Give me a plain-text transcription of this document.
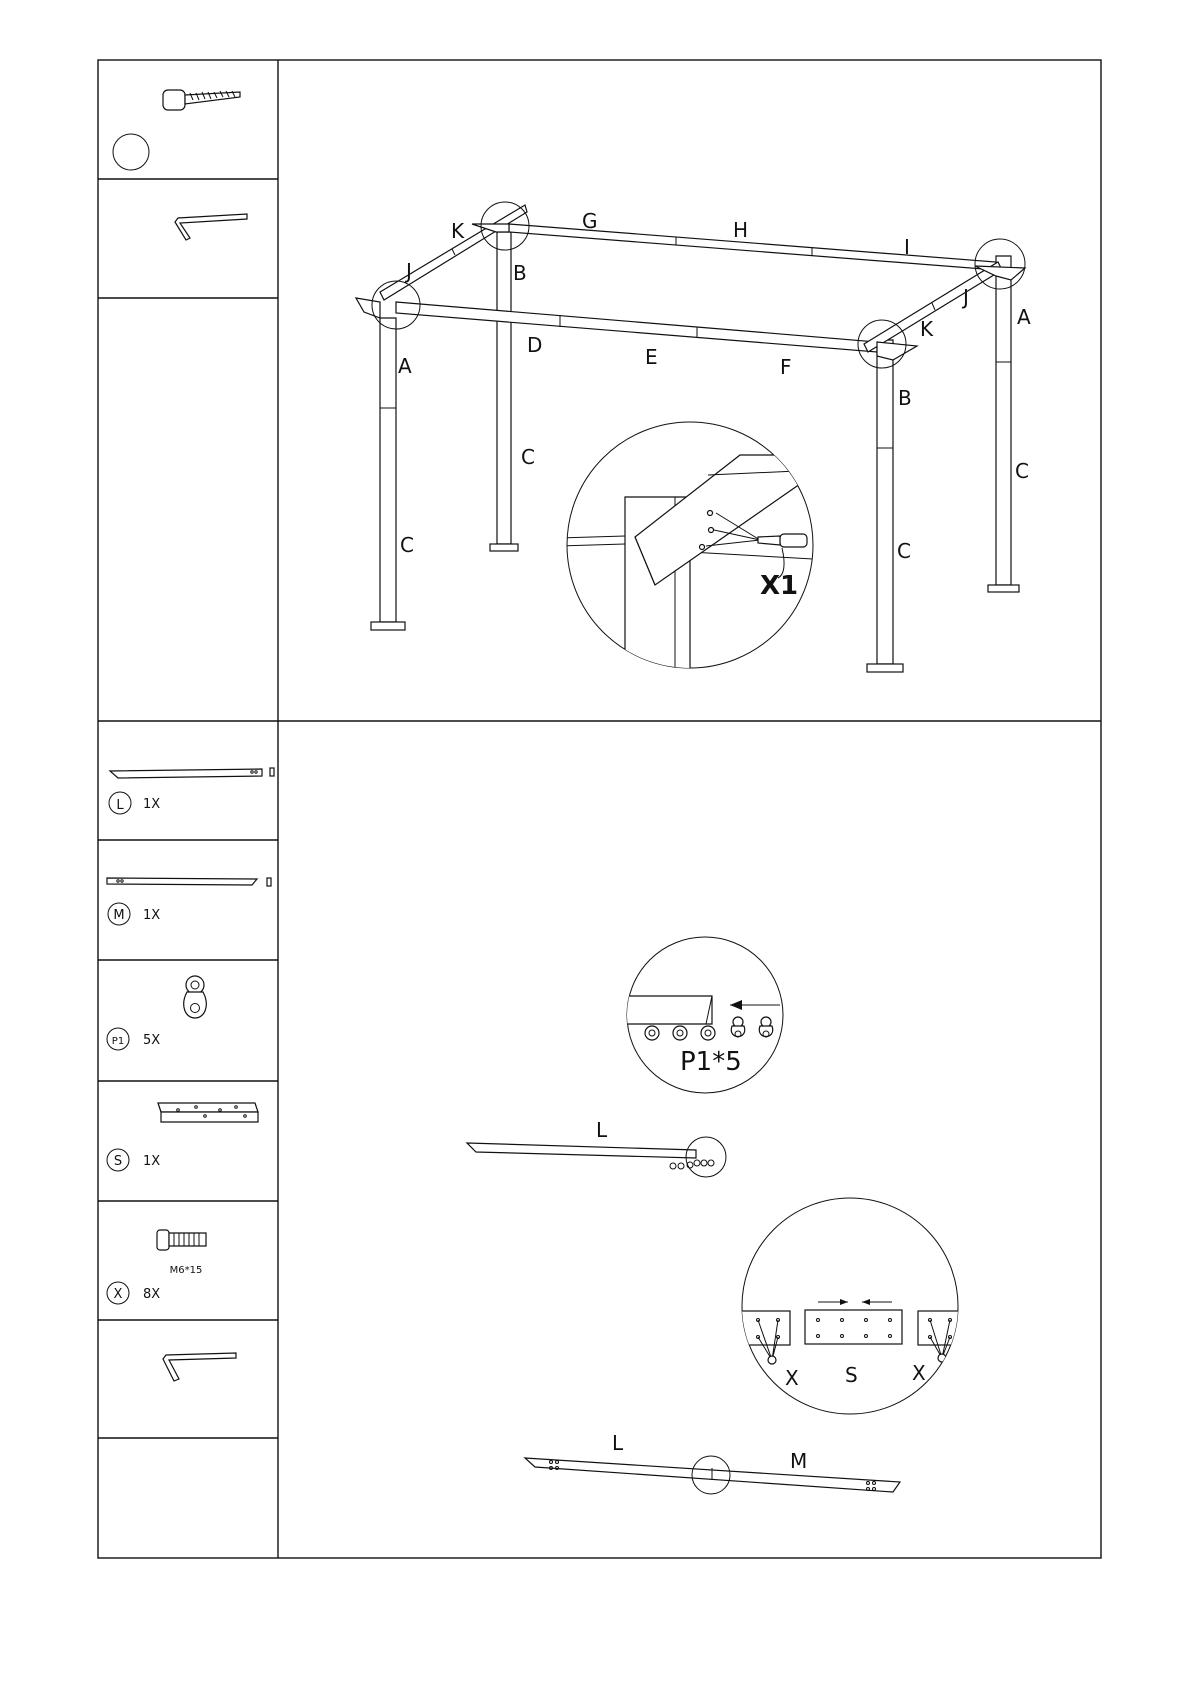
L 1X
M 1X
P1 5X
S 1X
M6*15
X 8X
K
J
G	H
I
B
J
A
K
D	E	F
A
B
C
C
C
C
X1
P1*5
L
X S	X
L
M
